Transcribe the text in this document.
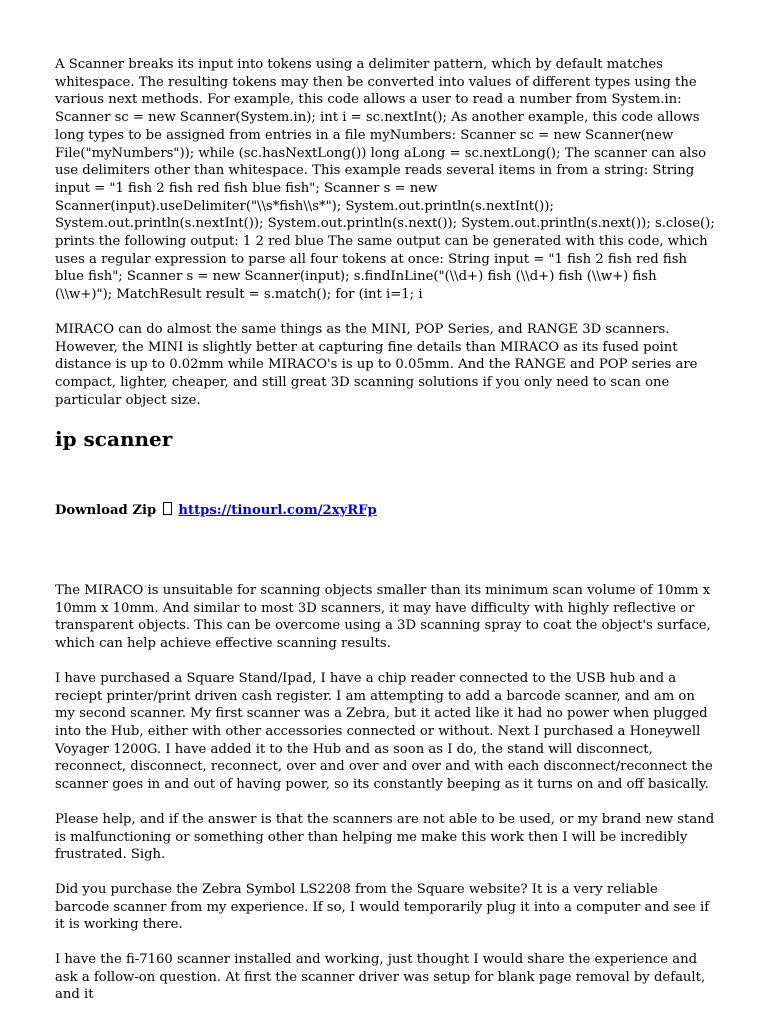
A Scanner breaks its input into tokens using a delimiter pattern, which by default matches whitespace. The resulting tokens may then be converted into values of different types using the various next methods. For example, this code allows a user to read a number from System.in: Scanner sc = new Scanner(System.in); int i = sc.nextInt(); As another example, this code allows long types to be assigned from entries in a file myNumbers: Scanner sc = new Scanner(new File("myNumbers")); while (sc.hasNextLong()) long aLong = sc.nextLong(); The scanner can also use delimiters other than whitespace. This example reads several items in from a string: String input = "1 fish 2 fish red fish blue fish"; Scanner s = new Scanner(input).useDelimiter("\\s*fish\\s*"); System.out.println(s.nextInt()); System.out.println(s.nextInt()); System.out.println(s.next()); System.out.println(s.next()); s.close(); prints the following output: 1 2 red blue The same output can be generated with this code, which uses a regular expression to parse all four tokens at once: String input = "1 fish 2 fish red fish blue fish"; Scanner s = new Scanner(input); s.findInLine("(\\d+) fish (\\d+) fish (\\w+) fish (\\w+)"); MatchResult result = s.match(); for (int i=1; i

MIRACO can do almost the same things as the MINI, POP Series, and RANGE 3D scanners. However, the MINI is slightly better at capturing fine details than MIRACO as its fused point distance is up to 0.02mm while MIRACO's is up to 0.05mm. And the RANGE and POP series are compact, lighter, cheaper, and still great 3D scanning solutions if you only need to scan one particular object size.

ip scanner
Download Zip https://tinourl.com/2xyRFp

The MIRACO is unsuitable for scanning objects smaller than its minimum scan volume of 10mm x 10mm x 10mm. And similar to most 3D scanners, it may have difficulty with highly reflective or transparent objects. This can be overcome using a 3D scanning spray to coat the object's surface, which can help achieve effective scanning results.

I have purchased a Square Stand/Ipad, I have a chip reader connected to the USB hub and a reciept printer/print driven cash register. I am attempting to add a barcode scanner, and am on my second scanner. My first scanner was a Zebra, but it acted like it had no power when plugged into the Hub, either with other accessories connected or without. Next I purchased a Honeywell Voyager 1200G. I have added it to the Hub and as soon as I do, the stand will disconnect, reconnect, disconnect, reconnect, over and over and over and with each disconnect/reconnect the scanner goes in and out of having power, so its constantly beeping as it turns on and off basically.

Please help, and if the answer is that the scanners are not able to be used, or my brand new stand is malfunctioning or something other than helping me make this work then I will be incredibly frustrated. Sigh.

Did you purchase the Zebra Symbol LS2208 from the Square website? It is a very reliable barcode scanner from my experience. If so, I would temporarily plug it into a computer and see if it is working there.

I have the fi-7160 scanner installed and working, just thought I would share the experience and ask a follow-on question. At first the scanner driver was setup for blank page removal by default, and it
